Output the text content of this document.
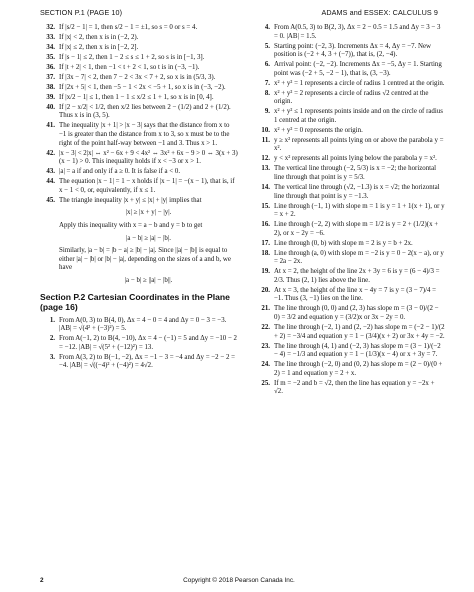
SECTION P.1 (PAGE 10)	ADAMS and ESSEX: CALCULUS 9
32. If |s/2 − 1| = 1, then s/2 − 1 = ±1, so s = 0 or s = 4.
33. If |x| < 2, then x is in (−2, 2).
34. If |x| ≤ 2, then x is in [−2, 2].
35. If |s − 1| ≤ 2, then 1 − 2 ≤ s ≤ 1 + 2, so s is in [−1, 3].
36. If |t + 2| < 1, then −1 < t + 2 < 1, so t is in (−3, −1).
37. If |3x − 7| < 2, then 7 − 2 < 3x < 7 + 2, so x is in (5/3, 3).
38. If |2x + 5| < 1, then −5 − 1 < 2x < −5 + 1, so x is in (−3, −2).
39. If |x/2 − 1| ≤ 1, then 1 − 1 ≤ x/2 ≤ 1 + 1, so x is in [0, 4].
40. If |2 − x/2| < 1/2, then x/2 lies between 2 − (1/2) and 2 + (1/2). Thus x is in (3, 5).
41. The inequality |x + 1| > |x − 3| says that the distance from x to −1 is greater than the distance from x to 3, so x must be to the right of the point half-way between −1 and 3. Thus x > 1.
42. |x − 3| < 2|x| ⇔ x² − 6x + 9 < 4x² ⇔ 3x² + 6x − 9 > 0 ⇔ 3(x + 3)(x − 1) > 0. This inequality holds if x < −3 or x > 1.
43. |a| = a if and only if a ≥ 0. It is false if a < 0.
44. The equation |x − 1| = 1 − x holds if |x − 1| = −(x − 1), that is, if x − 1 < 0, or, equivalently, if x ≤ 1.
45. The triangle inequality |x + y| ≤ |x| + |y| implies that
|x| ≥ |x + y| − |y|.
Apply this inequality with x = a − b and y = b to get
|a − b| ≥ |a| − |b|.
Similarly, |a − b| = |b − a| ≥ |b| − |a|. Since ||a| − |b|| is equal to either |a| − |b| or |b| − |a|, depending on the sizes of a and b, we have
|a − b| ≥ ||a| − |b||.
Section P.2 Cartesian Coordinates in the Plane (page 16)
1. From A(0, 3) to B(4, 0), Δx = 4 − 0 = 4 and Δy = 0 − 3 = −3. |AB| = √(4² + (−3)²) = 5.
2. From A(−1, 2) to B(4, −10), Δx = 4 − (−1) = 5 and Δy = −10 − 2 = −12. |AB| = √(5² + (−12)²) = 13.
3. From A(3, 2) to B(−1, −2), Δx = −1 − 3 = −4 and Δy = −2 − 2 = −4. |AB| = √((−4)² + (−4)²) = 4√2.
4. From A(0.5, 3) to B(2, 3), Δx = 2 − 0.5 = 1.5 and Δy = 3 − 3 = 0. |AB| = 1.5.
5. Starting point: (−2, 3). Increments Δx = 4, Δy = −7. New position is (−2 + 4, 3 + (−7)), that is, (2, −4).
6. Arrival point: (−2, −2). Increments Δx = −5, Δy = 1. Starting point was (−2 + 5, −2 − 1), that is, (3, −3).
7. x² + y² = 1 represents a circle of radius 1 centred at the origin.
8. x² + y² = 2 represents a circle of radius √2 centred at the origin.
9. x² + y² ≤ 1 represents points inside and on the circle of radius 1 centred at the origin.
10. x² + y² = 0 represents the origin.
11. y ≥ x² represents all points lying on or above the parabola y = x².
12. y < x² represents all points lying below the parabola y = x².
13. The vertical line through (−2, 5/3) is x = −2; the horizontal line through that point is y = 5/3.
14. The vertical line through (√2, −1.3) is x = √2; the horizontal line through that point is y = −1.3.
15. Line through (−1, 1) with slope m = 1 is y = 1 + 1(x + 1), or y = x + 2.
16. Line through (−2, 2) with slope m = 1/2 is y = 2 + (1/2)(x + 2), or x − 2y = −6.
17. Line through (0, b) with slope m = 2 is y = b + 2x.
18. Line through (a, 0) with slope m = −2 is y = 0 − 2(x − a), or y = 2a − 2x.
19. At x = 2, the height of the line 2x + 3y = 6 is y = (6 − 4)/3 = 2/3. Thus (2, 1) lies above the line.
20. At x = 3, the height of the line x − 4y = 7 is y = (3 − 7)/4 = −1. Thus (3, −1) lies on the line.
21. The line through (0, 0) and (2, 3) has slope m = (3 − 0)/(2 − 0) = 3/2 and equation y = (3/2)x or 3x − 2y = 0.
22. The line through (−2, 1) and (2, −2) has slope m = (−2 − 1)/(2 + 2) = −3/4 and equation y = 1 − (3/4)(x + 2) or 3x + 4y = −2.
23. The line through (4, 1) and (−2, 3) has slope m = (3 − 1)/(−2 − 4) = −1/3 and equation y = 1 − (1/3)(x − 4) or x + 3y = 7.
24. The line through (−2, 0) and (0, 2) has slope m = (2 − 0)/(0 + 2) = 1 and equation y = 2 + x.
25. If m = −2 and b = √2, then the line has equation y = −2x + √2.
2	Copyright © 2018 Pearson Canada Inc.
